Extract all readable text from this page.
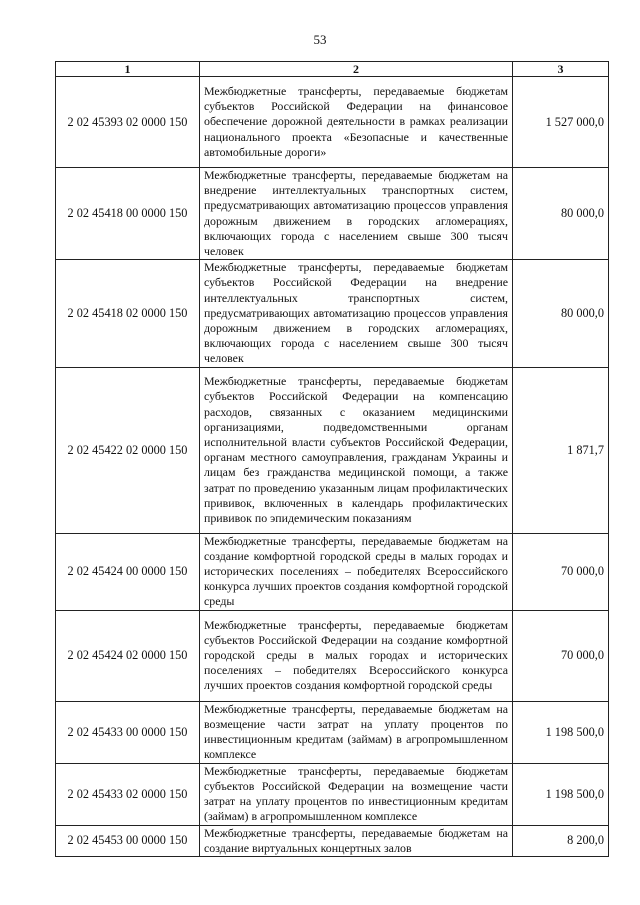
53
1	2	3
2 02 45393 02 0000 150	Межбюджетные трансферты, передаваемые бюджетам субъектов Российской Федерации на финансовое обеспечение дорожной деятельности в рамках реализации национального проекта «Безопасные и качественные автомобильные дороги»	1 527 000,0
2 02 45418 00 0000 150	Межбюджетные трансферты, передаваемые бюджетам на внедрение интеллектуальных транспортных систем, предусматривающих автоматизацию процессов управления дорожным движением в городских агломерациях, включающих города с населением свыше 300 тысяч человек	80 000,0
2 02 45418 02 0000 150	Межбюджетные трансферты, передаваемые бюджетам субъектов Российской Федерации на внедрение интеллектуальных транспортных систем, предусматривающих автоматизацию процессов управления дорожным движением в городских агломерациях, включающих города с населением свыше 300 тысяч человек	80 000,0
2 02 45422 02 0000 150	Межбюджетные трансферты, передаваемые бюджетам субъектов Российской Федерации на компенсацию расходов, связанных с оказанием медицинскими организациями, подведомственными органам исполнительной власти субъектов Российской Федерации, органам местного самоуправления, гражданам Украины и лицам без гражданства медицинской помощи, а также затрат по проведению указанным лицам профилактических прививок, включенных в календарь профилактических прививок по эпидемическим показаниям	1 871,7
2 02 45424 00 0000 150	Межбюджетные трансферты, передаваемые бюджетам на создание комфортной городской среды в малых городах и исторических поселениях – победителях Всероссийского конкурса лучших проектов создания комфортной городской среды	70 000,0
2 02 45424 02 0000 150	Межбюджетные трансферты, передаваемые бюджетам субъектов Российской Федерации на создание комфортной городской среды в малых городах и исторических поселениях – победителях Всероссийского конкурса лучших проектов создания комфортной городской среды	70 000,0
2 02 45433 00 0000 150	Межбюджетные трансферты, передаваемые бюджетам на возмещение части затрат на уплату процентов по инвестиционным кредитам (займам) в агропромышленном комплексе	1 198 500,0
2 02 45433 02 0000 150	Межбюджетные трансферты, передаваемые бюджетам субъектов Российской Федерации на возмещение части затрат на уплату процентов по инвестиционным кредитам (займам) в агропромышленном комплексе	1 198 500,0
2 02 45453 00 0000 150	Межбюджетные трансферты, передаваемые бюджетам на создание виртуальных концертных залов	8 200,0
